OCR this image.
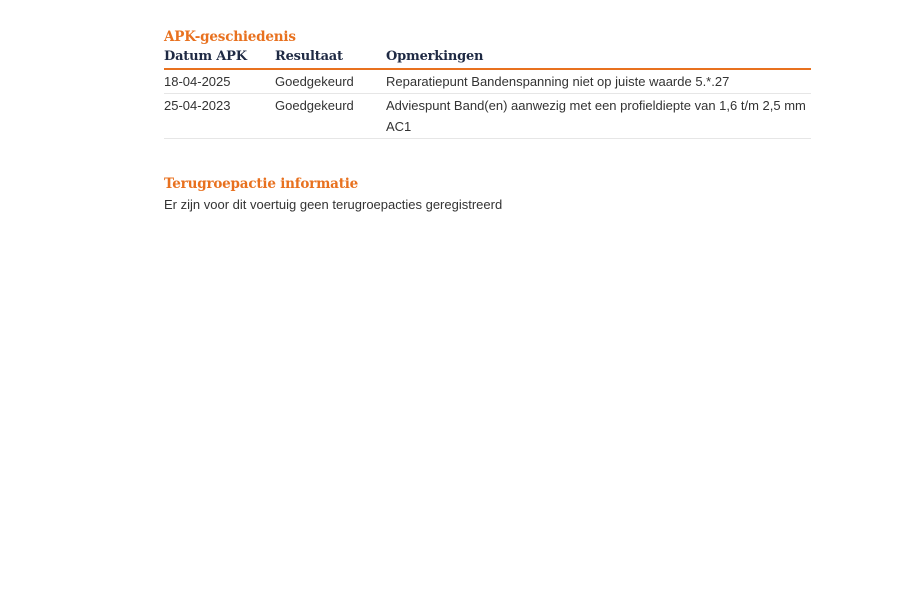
APK-geschiedenis
Datum APK	Resultaat	Opmerkingen
18-04-2025	Goedgekeurd	Reparatiepunt Bandenspanning niet op juiste waarde 5.*.27
25-04-2023	Goedgekeurd	Adviespunt Band(en) aanwezig met een profieldiepte van 1,6 t/m 2,5 mm AC1
Terugroepactie informatie

Er zijn voor dit voertuig geen terugroepacties geregistreerd
